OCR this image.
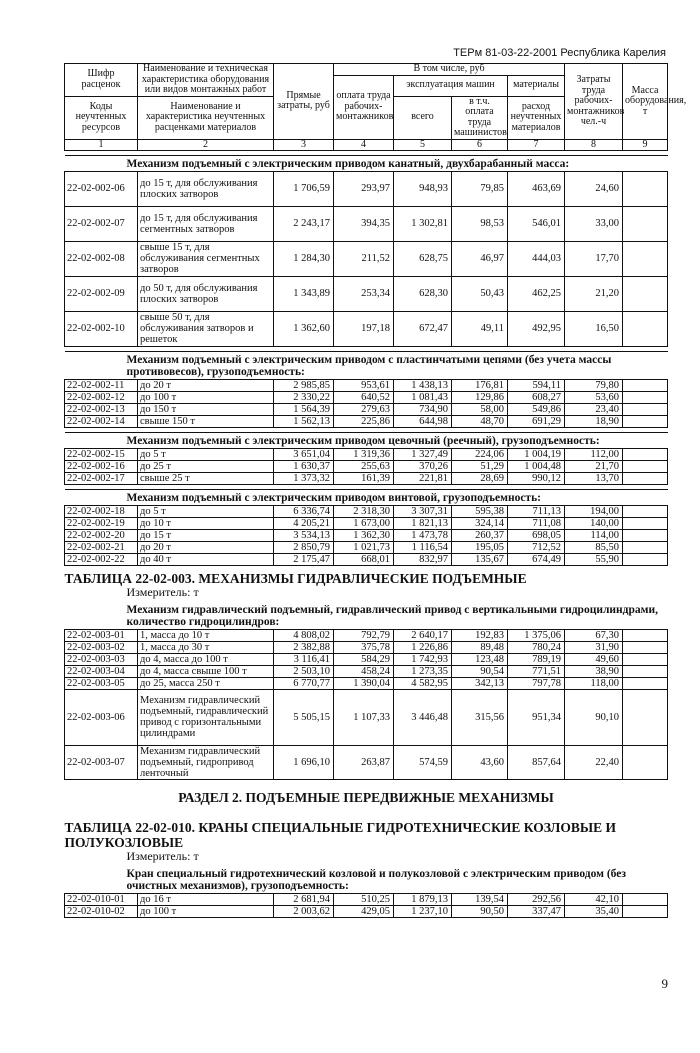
ТЕРм 81-03-22-2001 Республика Карелия
Шифр расценок	Наименование и техническая характеристика оборудования или видов монтажных работ	Прямые затраты, руб	В том числе, руб				Затраты труда рабочих-монтажников чел.-ч	Масса оборудования, т
			оплата труда рабочих-монтажников	эксплуатация машин		материалы		
Коды неучтенных ресурсов	Наименование и характеристика неучтенных расценками материалов			всего	в т.ч. оплата труда машинистов	расход неучтенных материалов		

1	2	3	4	5	6	7	8	9

Механизм подъемный с электрическим приводом канатный, двухбарабанный масса:								
22-02-002-06	до 15 т, для обслуживания плоских затворов	1 706,59	293,97	948,93	79,85	463,69	24,60	
22-02-002-07	до 15 т, для обслуживания сегментных затворов	2 243,17	394,35	1 302,81	98,53	546,01	33,00	
22-02-002-08	свыше 15 т, для обслуживания сегментных затворов	1 284,30	211,52	628,75	46,97	444,03	17,70	
22-02-002-09	до 50 т, для обслуживания плоских затворов	1 343,89	253,34	628,30	50,43	462,25	21,20	
22-02-002-10	свыше 50 т, для обслуживания затворов и решеток	1 362,60	197,18	672,47	49,11	492,95	16,50	

Механизм подъемный с электрическим приводом с пластинчатыми цепями (без учета массы противовесов), грузоподъемность:								
22-02-002-11	до 20 т	2 985,85	953,61	1 438,13	176,81	594,11	79,80	
22-02-002-12	до 100 т	2 330,22	640,52	1 081,43	129,86	608,27	53,60	
22-02-002-13	до 150 т	1 564,39	279,63	734,90	58,00	549,86	23,40	
22-02-002-14	свыше 150 т	1 562,13	225,86	644,98	48,70	691,29	18,90	

Механизм подъемный с электрическим приводом цевочный (реечный), грузоподъемность:								
22-02-002-15	до 5 т	3 651,04	1 319,36	1 327,49	224,06	1 004,19	112,00	
22-02-002-16	до 25 т	1 630,37	255,63	370,26	51,29	1 004,48	21,70	
22-02-002-17	свыше 25 т	1 373,32	161,39	221,81	28,69	990,12	13,70	

Механизм подъемный с электрическим приводом винтовой, грузоподъемность:								
22-02-002-18	до 5 т	6 336,74	2 318,30	3 307,31	595,38	711,13	194,00	
22-02-002-19	до 10 т	4 205,21	1 673,00	1 821,13	324,14	711,08	140,00	
22-02-002-20	до 15 т	3 534,13	1 362,30	1 473,78	260,37	698,05	114,00	
22-02-002-21	до 20 т	2 850,79	1 021,73	1 116,54	195,05	712,52	85,50	
22-02-002-22	до 40 т	2 175,47	668,01	832,97	135,67	674,49	55,90	
ТАБЛИЦА 22-02-003. МЕХАНИЗМЫ ГИДРАВЛИЧЕСКИЕ ПОДЪЕМНЫЕ								
Измеритель: т								
Механизм гидравлический подъемный, гидравлический привод с вертикальными гидроцилиндрами, количество гидроцилиндров:								
22-02-003-01	1, масса до 10 т	4 808,02	792,79	2 640,17	192,83	1 375,06	67,30	
22-02-003-02	1, масса до 30 т	2 382,88	375,78	1 226,86	89,48	780,24	31,90	
22-02-003-03	до 4, масса до 100 т	3 116,41	584,29	1 742,93	123,48	789,19	49,60	
22-02-003-04	до 4, масса свыше 100 т	2 503,10	458,24	1 273,35	90,54	771,51	38,90	
22-02-003-05	до 25, масса 250 т	6 770,77	1 390,04	4 582,95	342,13	797,78	118,00	
22-02-003-06	Механизм гидравлический подъемный, гидравлический привод с горизонтальными цилиндрами	5 505,15	1 107,33	3 446,48	315,56	951,34	90,10	
22-02-003-07	Механизм гидравлический подъемный, гидропривод ленточный	1 696,10	263,87	574,59	43,60	857,64	22,40	
РАЗДЕЛ 2. ПОДЪЕМНЫЕ ПЕРЕДВИЖНЫЕ МЕХАНИЗМЫ								
ТАБЛИЦА 22-02-010. КРАНЫ СПЕЦИАЛЬНЫЕ ГИДРОТЕХНИЧЕСКИЕ КОЗЛОВЫЕ И ПОЛУКОЗЛОВЫЕ								
Измеритель: т								
Кран специальный гидротехнический козловой и полукозловой с электрическим приводом (без очистных механизмов), грузоподъемность:								
22-02-010-01	до 16 т	2 681,94	510,25	1 879,13	139,54	292,56	42,10	
22-02-010-02	до 100 т	2 003,62	429,05	1 237,10	90,50	337,47	35,40	
9
